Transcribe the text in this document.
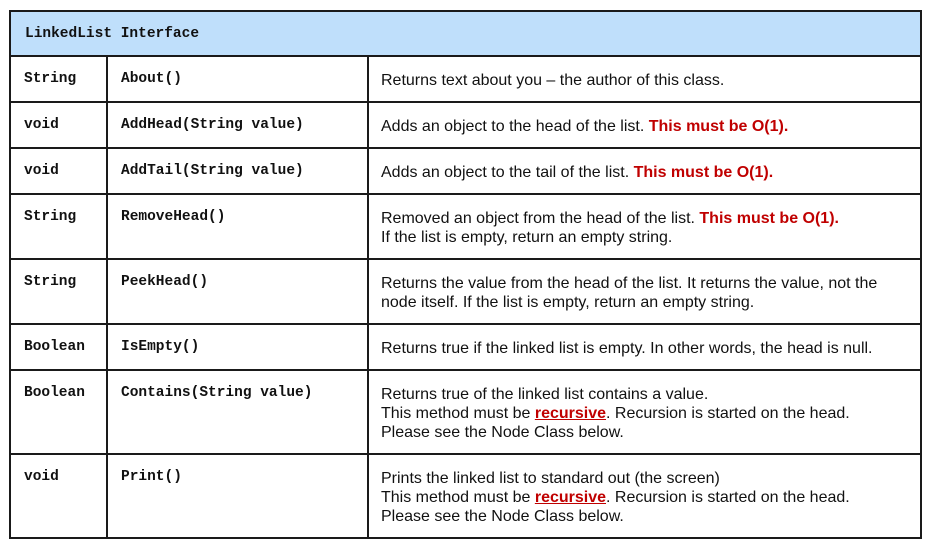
LinkedList Interface		

String	About()	Returns text about you – the author of this class.

void	AddHead(String value)	Adds an object to the head of the list. This must be O(1).

void	AddTail(String value)	Adds an object to the tail of the list. This must be O(1).

String	RemoveHead()	Removed an object from the head of the list. This must be O(1).
If the list is empty, return an empty string.

String	PeekHead()	Returns the value from the head of the list. It returns the value, not the
node itself. If the list is empty, return an empty string.

Boolean	IsEmpty()	Returns true if the linked list is empty. In other words, the head is null.

Boolean	Contains(String value)	Returns true of the linked list contains a value.
This method must be recursive. Recursion is started on the head.
Please see the Node Class below.

void	Print()	Prints the linked list to standard out (the screen)
This method must be recursive. Recursion is started on the head.
Please see the Node Class below.
